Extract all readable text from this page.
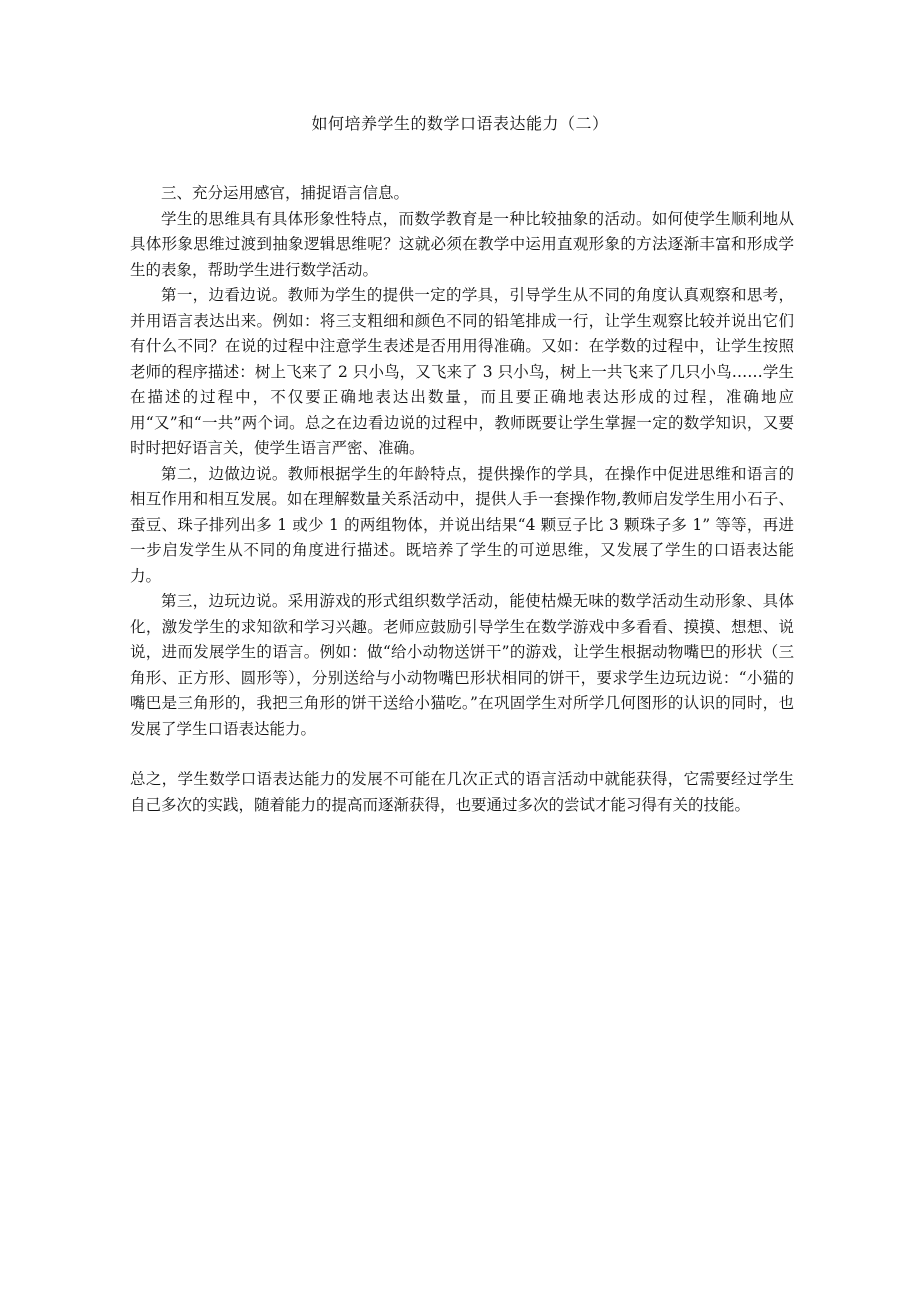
如何培养学生的数学口语表达能力（二）

三、充分运用感官，捕捉语言信息。

学生的思维具有具体形象性特点，而数学教育是一种比较抽象的活动。如何使学生顺利地从具体形象思维过渡到抽象逻辑思维呢？这就必须在教学中运用直观形象的方法逐渐丰富和形成学生的表象，帮助学生进行数学活动。

第一，边看边说。教师为学生的提供一定的学具，引导学生从不同的角度认真观察和思考，并用语言表达出来。例如：将三支粗细和颜色不同的铅笔排成一行，让学生观察比较并说出它们有什么不同？在说的过程中注意学生表述是否用用得准确。又如：在学数的过程中，让学生按照老师的程序描述：树上飞来了 2 只小鸟，又飞来了 3 只小鸟，树上一共飞来了几只小鸟……学生在描述的过程中，不仅要正确地表达出数量，而且要正确地表达形成的过程，准确地应用“又”和“一共”两个词。总之在边看边说的过程中，教师既要让学生掌握一定的数学知识，又要时时把好语言关，使学生语言严密、准确。

第二，边做边说。教师根据学生的年龄特点，提供操作的学具，在操作中促进思维和语言的相互作用和相互发展。如在理解数量关系活动中，提供人手一套操作物,教师启发学生用小石子、蚕豆、珠子排列出多 1 或少 1 的两组物体，并说出结果“4 颗豆子比 3 颗珠子多 1” 等等，再进一步启发学生从不同的角度进行描述。既培养了学生的可逆思维，又发展了学生的口语表达能力。

第三，边玩边说。采用游戏的形式组织数学活动，能使枯燥无味的数学活动生动形象、具体化，激发学生的求知欲和学习兴趣。老师应鼓励引导学生在数学游戏中多看看、摸摸、想想、说说，进而发展学生的语言。例如：做“给小动物送饼干”的游戏，让学生根据动物嘴巴的形状（三角形、正方形、圆形等），分别送给与小动物嘴巴形状相同的饼干，要求学生边玩边说：“小猫的嘴巴是三角形的，我把三角形的饼干送给小猫吃。”在巩固学生对所学几何图形的认识的同时，也发展了学生口语表达能力。

总之，学生数学口语表达能力的发展不可能在几次正式的语言活动中就能获得，它需要经过学生自己多次的实践，随着能力的提高而逐渐获得，也要通过多次的尝试才能习得有关的技能。
